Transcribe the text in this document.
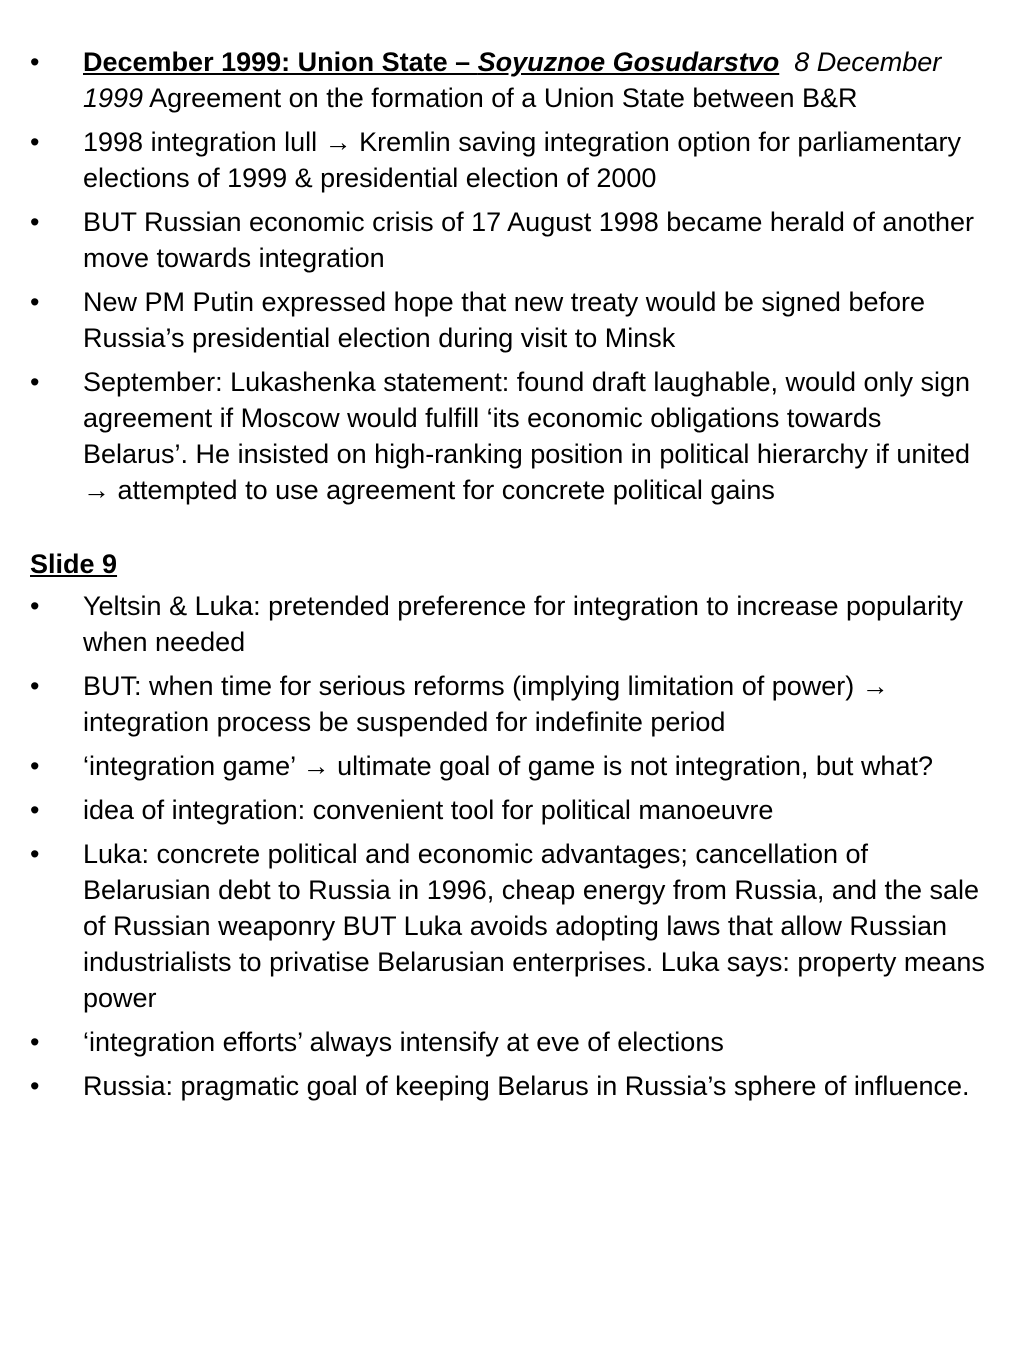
•	December 1999: Union State – Soyuznoe Gosudarstvo 8 December 1999 Agreement on the formation of a Union State between B&R
•	1998 integration lull → Kremlin saving integration option for parliamentary elections of 1999 & presidential election of 2000
•	BUT Russian economic crisis of 17 August 1998 became herald of another move towards integration
•	New PM Putin expressed hope that new treaty would be signed before Russia’s presidential election during visit to Minsk
•	September: Lukashenka statement: found draft laughable, would only sign agreement if Moscow would fulfill ‘its economic obligations towards Belarus’. He insisted on high-ranking position in political hierarchy if united → attempted to use agreement for concrete political gains
Slide 9
•	Yeltsin & Luka: pretended preference for integration to increase popularity when needed
•	BUT: when time for serious reforms (implying limitation of power) → integration process be suspended for indefinite period
•	‘integration game’ → ultimate goal of game is not integration, but what?
•	idea of integration: convenient tool for political manoeuvre
•	Luka: concrete political and economic advantages; cancellation of Belarusian debt to Russia in 1996, cheap energy from Russia, and the sale of Russian weaponry BUT Luka avoids adopting laws that allow Russian industrialists to privatise Belarusian enterprises. Luka says: property means power
•	‘integration efforts’ always intensify at eve of elections
•	Russia: pragmatic goal of keeping Belarus in Russia’s sphere of influence.
